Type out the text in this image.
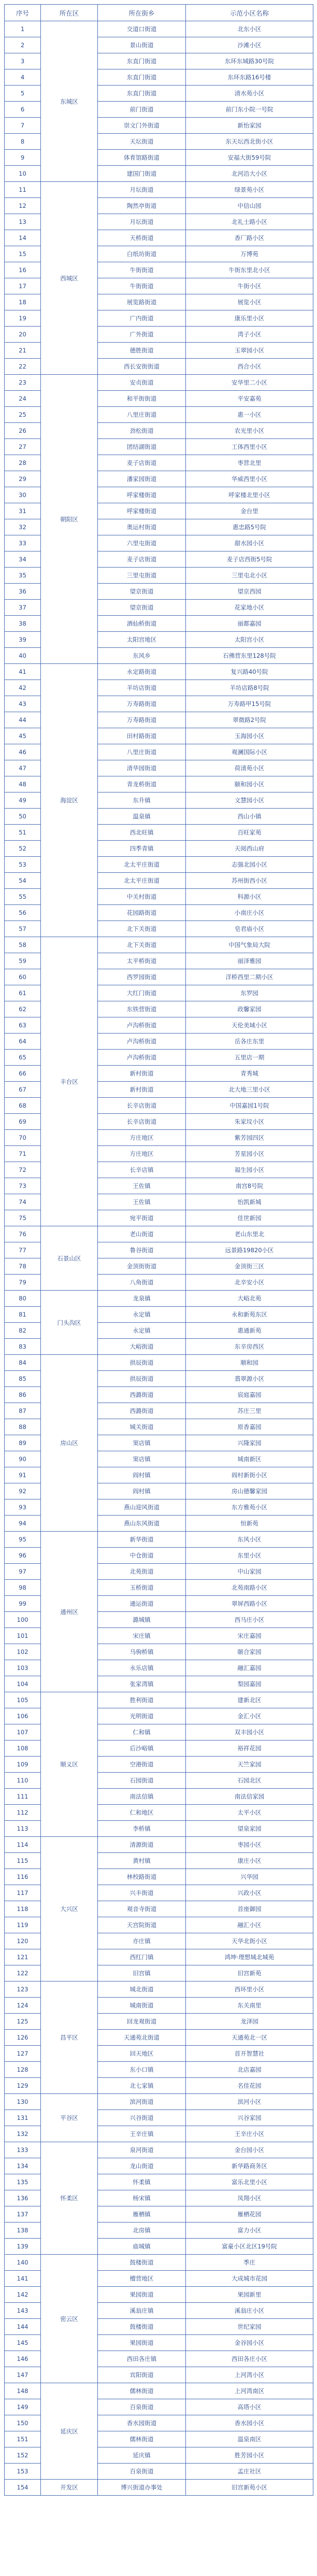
序号	所在区	所在街乡	示范小区名称
1	东城区	交道口街道	北东小区
2		景山街道	沙滩小区
3		东直门街道	东环东城路30号院
4		东直门街道	东环东路16号楼
5		东直门街道	清水苑小区
6		前门街道	前门东小院一号院
7		崇文门外街道	新怡家园
8		天坛街道	东天坛西北街小区
9		体育馆路街道	安福大街59号院
10		建国门街道	北河沿大小区
11	西城区	月坛街道	绿景苑小区
12		陶然亭街道	中信山园
13		月坛街道	北礼士路小区
14		天桥街道	香厂路小区
15		白纸坊街道	万博苑
16		牛街街道	牛街东里北小区
17		牛街街道	牛街小区
18		展览路街道	展览小区
19		广内街道	康乐里小区
20		广外街道	湾子小区
21		德胜街道	玉翠园小区
22		西长安街街道	西合小区
23	朝阳区	安贞街道	安华里二小区
24		和平街街道	平安嘉苑
25		八里庄街道	惠一小区
26		劲松街道	农光里小区
27		团结湖街道	工体西里小区
28		麦子店街道	枣营北里
29		潘家园街道	华威西里小区
30		呼家楼街道	呼家楼北里小区
31		呼家楼街道	金台里
32		奥运村街道	惠忠路5号院
33		六里屯街道	甜水园小区
34		麦子店街道	麦子店西街5号院
35		三里屯街道	三里屯北小区
36		望京街道	望京西园
37		望京街道	花家地小区
38		酒仙桥街道	丽都嘉园
39		太阳宫地区	太阳宫小区
40		东风乡	石佛营东里128号院
41	海淀区	永定路街道	复兴路40号院
42		羊坊店街道	羊坊店路8号院
43		万寿路街道	万寿路甲15号院
44		万寿路街道	翠微路2号院
45		田村路街道	玉海园小区
46		八里庄街道	观澜国际小区
47		清华园街道	荷清苑小区
48		青龙桥街道	颐和园小区
49		东升镇	文慧园小区
50		温泉镇	西山小镇
51		西北旺镇	百旺家苑
52		四季青镇	天阅西山府
53		北太平庄街道	志强北园小区
54		北太平庄街道	苏州街西小区
55		中关村街道	科源小区
56		花园路街道	小南庄小区
57		北下关街道	皂君庙小区
58	丰台区	北下关街道	中国气象局大院
59		太平桥街道	丽泽雅园
60		西罗园街道	洋桥西里二期小区
61		大红门街道	东罗园
62		东铁营街道	政馨家园
63		卢沟桥街道	天伦美域小区
64		卢沟桥街道	岳各庄东里
65		卢沟桥街道	五里店一期
66		新村街道	青秀城
67		新村街道	北大地三里小区
68		长辛店街道	中国嘉园1号院
69		长辛店街道	朱家坟小区
70		方庄地区	紫芳园四区
71		方庄地区	芳星园小区
72		长辛店镇	福生园小区
73		王佐镇	南宫8号院
74		王佐镇	怡凯新城
75		宛平街道	佳世新园
76	石景山区	老山街道	老山东里北
77		鲁谷街道	远景路19820小区
78		金顶街街道	金顶街三区
79		八角街道	北辛安小区
80	门头沟区	龙泉镇	大峪北苑
81		永定镇	永和新苑东区
82		永定镇	惠通新苑
83		大峪街道	东辛房西区
84	房山区	拱辰街道	顺和园
85		拱辰街道	翡翠源小区
86		西潞街道	宸庭嘉园
87		西潞街道	苏庄三里
88		城关街道	原香嘉园
89		窦店镇	兴隆家园
90		窦店镇	城南新区
91		阎村镇	阎村新街小区
92		阎村镇	房山德馨家园
93		燕山迎风街道	东方雅苑小区
94		燕山东风街道	恒新苑
95	通州区	新华街道	东风小区
96		中仓街道	东里小区
97		北苑街道	中山家园
98		玉桥街道	北苑南路小区
99		通运街道	翠屏西路小区
100		潞城镇	西马庄小区
101		宋庄镇	宋庄嘉园
102		马驹桥镇	颐合家园
103		永乐店镇	融汇嘉园
104		张家湾镇	梨园嘉园
105	顺义区	胜利街道	建新北区
106		光明街道	金汇小区
107		仁和镇	双丰园小区
108		后沙峪镇	裕祥花园
109		空港街道	天竺家园
110		石园街道	石园北区
111		南法信镇	南法信家园
112		仁和地区	太平小区
113		李桥镇	望泉家园
114	大兴区	清源街道	枣园小区
115		黄村镇	康庄小区
116		林校路街道	兴华园
117		兴丰街道	兴政小区
118		观音寺街道	首座御园
119		天宫院街道	融汇小区
120		亦庄镇	天华北街小区
121		西红门镇	鸿坤·理想城北城苑
122		旧宫镇	旧宫新苑
123	昌平区	城北街道	西环里小区
124		城南街道	东关南里
125		回龙观街道	龙泽园
126		天通苑北街道	天通苑北一区
127		回天地区	首开智慧社
128		东小口镇	北店嘉园
129		北七家镇	名佳花园
130	平谷区	滨河街道	滨河小区
131		兴谷街道	兴谷家园
132		王辛庄镇	王辛庄小区
133	怀柔区	泉河街道	金台园小区
134		龙山街道	新华路商务区
135		怀柔镇	富乐北里小区
136		杨宋镇	凤翔小区
137		雁栖镇	雁栖花园
138		北房镇	富力小区
139		庙城镇	富豪小区北区19号院
140	密云区	鼓楼街道	季庄
141		檀营地区	大成城市花园
142		果园街道	果园新里
143		溪翁庄镇	溪翁庄小区
144		鼓楼街道	世纪家园
145		果园街道	金谷园小区
146		西田各庄镇	西田各庄小区
147		宾阳街道	上河湾小区
148	延庆区	儒林街道	上河湾南区
149		百泉街道	高塔小区
150		香水园街道	香水园小区
151		儒林街道	温泉南区
152		延庆镇	胜芳园小区
153		百泉街道	孟庄社区
154	开发区	博兴街道办事处	旧宫新苑小区
